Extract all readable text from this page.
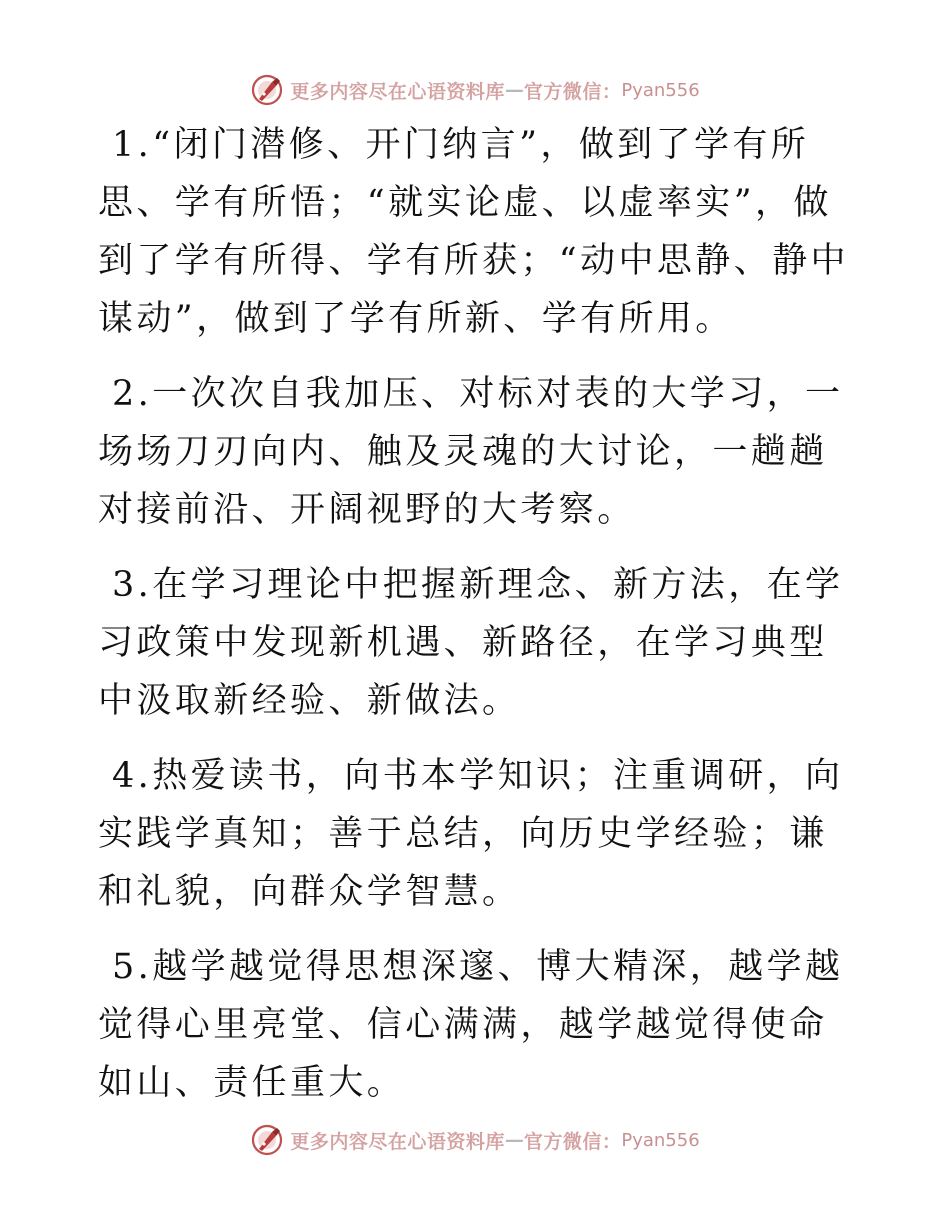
更多内容尽在心语资料库 — 官方微信： Pyan556

1.“闭门潜修、开门纳言”，做到了学有所思、学有所悟；“就实论虚、以虚率实”，做到了学有所得、学有所获；“动中思静、静中谋动”，做到了学有所新、学有所用。

2.一次次自我加压、对标对表的大学习，一场场刀刃向内、触及灵魂的大讨论，一趟趟对接前沿、开阔视野的大考察。

3.在学习理论中把握新理念、新方法，在学习政策中发现新机遇、新路径，在学习典型中汲取新经验、新做法。

4.热爱读书，向书本学知识；注重调研，向实践学真知；善于总结，向历史学经验；谦和礼貌，向群众学智慧。

5.越学越觉得思想深邃、博大精深，越学越觉得心里亮堂、信心满满，越学越觉得使命如山、责任重大。

更多内容尽在心语资料库 — 官方微信： Pyan556
